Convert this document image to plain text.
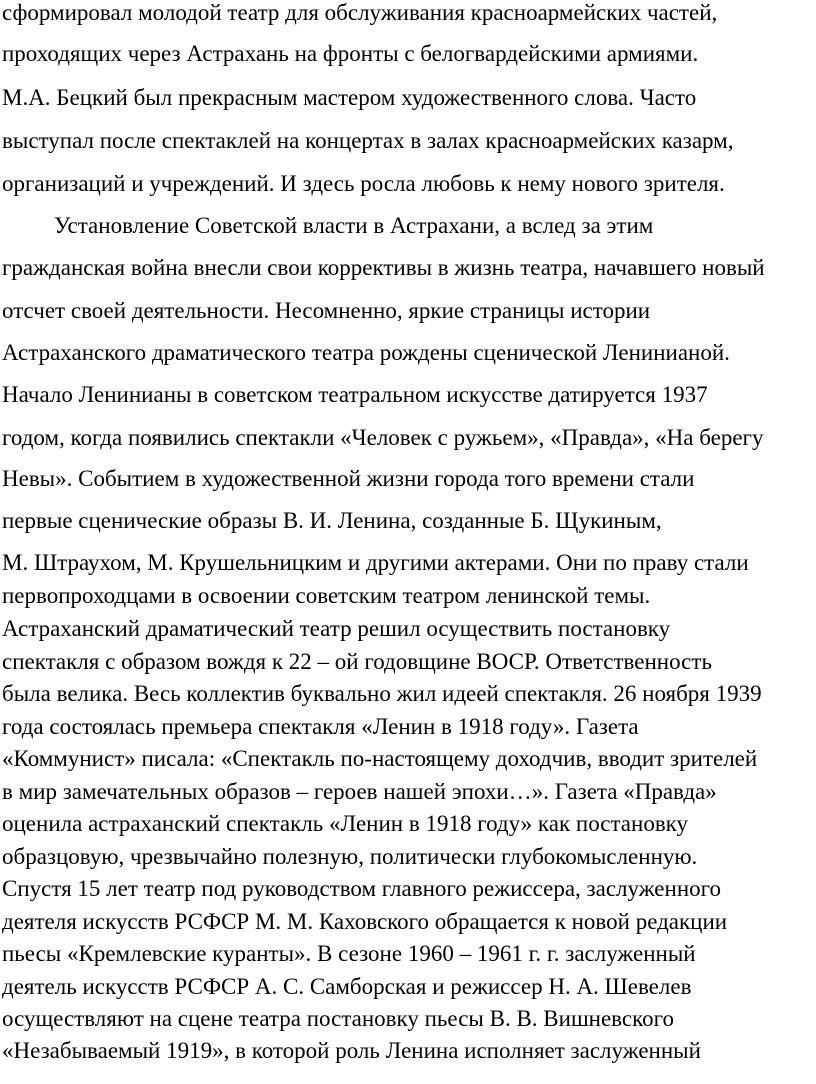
сформировал молодой театр для обслуживания красноармейских частей,
проходящих через Астрахань на фронты с белогвардейскими армиями.
М.А. Бецкий был прекрасным мастером художественного слова. Часто
выступал после спектаклей на концертах в залах красноармейских казарм,
организаций и учреждений. И здесь росла любовь к нему нового зрителя.
Установление Советской власти в Астрахани, а вслед за этим
гражданская война внесли свои коррективы в жизнь театра, начавшего новый
отсчет своей деятельности. Несомненно, яркие страницы истории
Астраханского драматического театра рождены сценической Ленинианой.
Начало Ленинианы в советском театральном искусстве датируется 1937
годом, когда появились спектакли «Человек с ружьем», «Правда», «На берегу
Невы». Событием в художественной жизни города того времени стали
первые сценические образы В. И. Ленина, созданные Б. Щукиным,
М. Штраухом, М. Крушельницким и другими актерами. Они по праву стали
первопроходцами в освоении советским театром ленинской темы.
Астраханский драматический театр решил осуществить постановку
спектакля с образом вождя к 22 – ой годовщине ВОСР. Ответственность
была велика. Весь коллектив буквально жил идеей спектакля. 26 ноября 1939
года состоялась премьера спектакля «Ленин в 1918 году». Газета
«Коммунист» писала: «Спектакль по-настоящему доходчив, вводит зрителей
в мир замечательных образов – героев нашей эпохи…». Газета «Правда»
оценила астраханский спектакль «Ленин в 1918 году» как постановку
образцовую, чрезвычайно полезную, политически глубокомысленную.
Спустя 15 лет театр под руководством главного режиссера, заслуженного
деятеля искусств РСФСР М. М. Каховского обращается к новой редакции
пьесы «Кремлевские куранты». В сезоне 1960 – 1961 г. г. заслуженный
деятель искусств РСФСР А. С. Самборская и режиссер Н. А. Шевелев
осуществляют на сцене театра постановку пьесы В. В. Вишневского
«Незабываемый 1919», в которой роль Ленина исполняет заслуженный
